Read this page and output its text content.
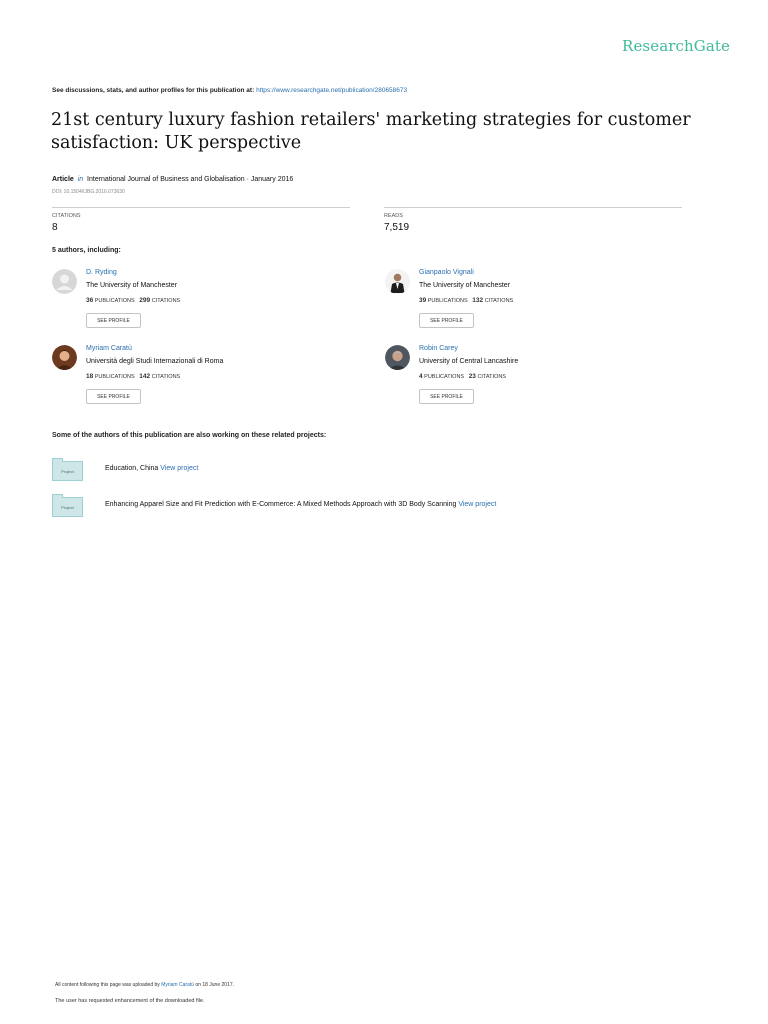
ResearchGate
See discussions, stats, and author profiles for this publication at: https://www.researchgate.net/publication/280658673
21st century luxury fashion retailers' marketing strategies for customer satisfaction: UK perspective
Article in International Journal of Business and Globalisation · January 2016
DOI: 10.1504/IJBG.2016.073630
CITATIONS
8
READS
7,519
5 authors, including:
D. Ryding
The University of Manchester
36 PUBLICATIONS 299 CITATIONS
SEE PROFILE
Gianpaolo Vignali
The University of Manchester
39 PUBLICATIONS 132 CITATIONS
SEE PROFILE
Myriam Caratù
Università degli Studi Internazionali di Roma
18 PUBLICATIONS 142 CITATIONS
SEE PROFILE
Robin Carey
University of Central Lancashire
4 PUBLICATIONS 23 CITATIONS
SEE PROFILE
Some of the authors of this publication are also working on these related projects:
Project	Education, China View project
Project	Enhancing Apparel Size and Fit Prediction with E-Commerce: A Mixed Methods Approach with 3D Body Scanning View project
All content following this page was uploaded by Myriam Caratù on 18 June 2017.
The user has requested enhancement of the downloaded file.
